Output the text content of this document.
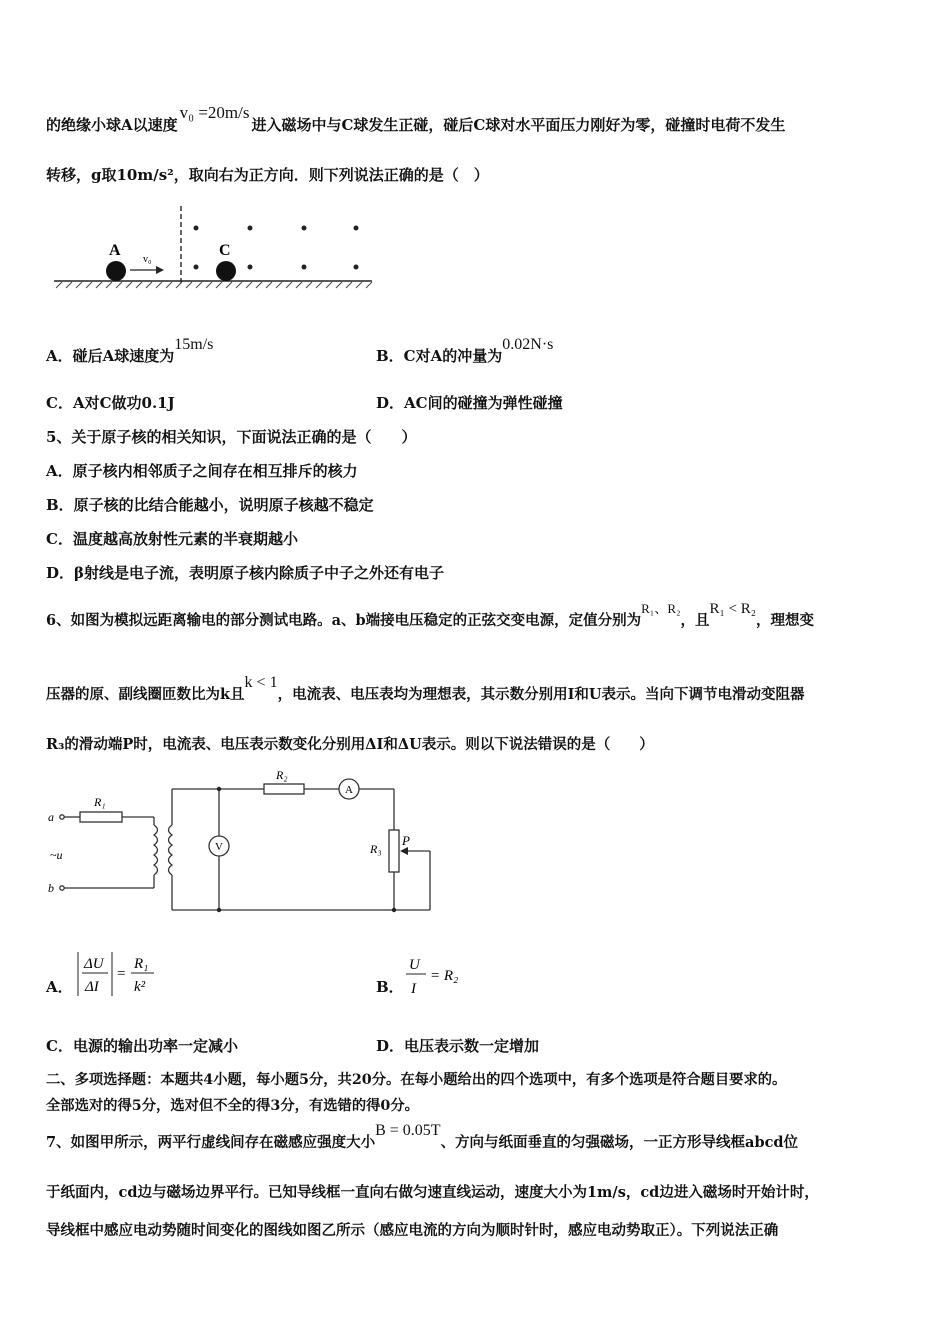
的绝缘小球A以速度v₀ =20m/s进入磁场中与C球发生正碰，碰后C球对水平面压力刚好为零，碰撞时电荷不发生
转移，g取10m/s²，取向右为正方向．则下列说法正确的是（　）
A	C
v₀
A．碰后A球速度为15m/s
B．C对A的冲量为0.02N·s
C．A对C做功0.1J	D．AC间的碰撞为弹性碰撞
5、关于原子核的相关知识，下面说法正确的是（　　）
A．原子核内相邻质子之间存在相互排斥的核力
B．原子核的比结合能越小，说明原子核越不稳定
C．温度越高放射性元素的半衰期越小
D．β射线是电子流，表明原子核内除质子中子之外还有电子
6、如图为模拟远距离输电的部分测试电路。a、b端接电压稳定的正弦交变电源，定值分别为R₁、R₂，且R₁ < R₂，理想变
压器的原、副线圈匝数比为k且k < 1，电流表、电压表均为理想表，其示数分别用I和U表示。当向下调节电滑动变阻器
R₃的滑动端P时，电流表、电压表示数变化分别用ΔI和ΔU表示。则以下说法错误的是（　　）
a
b
~u
R₁
R₂
R₃
P
A
V
A．
ΔU
ΔI
=
R₁
k²	B．
U
I
= R₂
C．电源的输出功率一定减小	D．电压表示数一定增加
二、多项选择题：本题共4小题，每小题5分，共20分。在每小题给出的四个选项中，有多个选项是符合题目要求的。
全部选对的得5分，选对但不全的得3分，有选错的得0分。
7、如图甲所示，两平行虚线间存在磁感应强度大小B = 0.05T、方向与纸面垂直的匀强磁场，一正方形导线框abcd位
于纸面内，cd边与磁场边界平行。已知导线框一直向右做匀速直线运动，速度大小为1m/s，cd边进入磁场时开始计时，
导线框中感应电动势随时间变化的图线如图乙所示（感应电流的方向为顺时针时，感应电动势取正）。下列说法正确
